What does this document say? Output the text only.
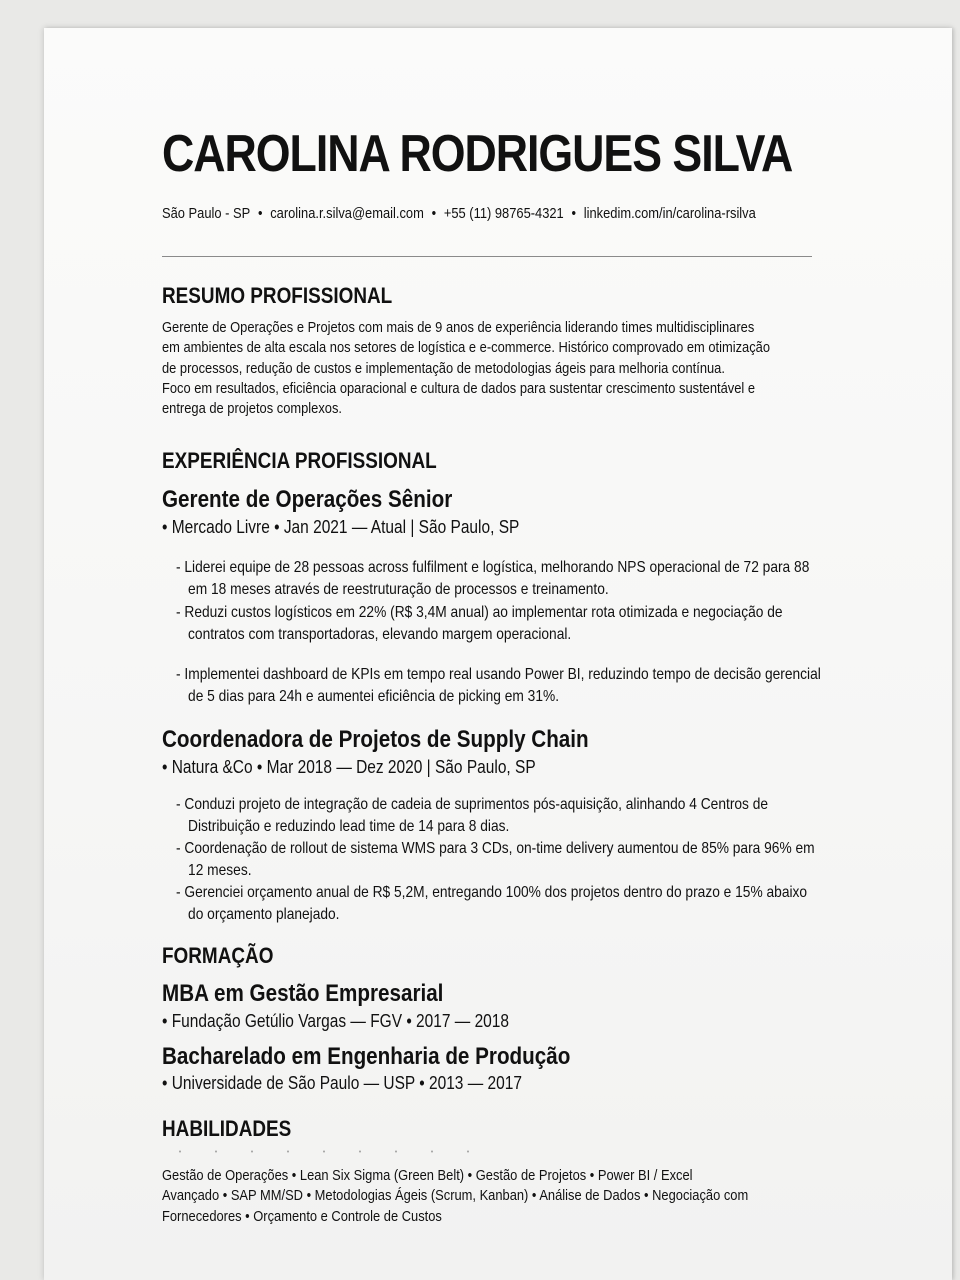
CAROLINA RODRIGUES SILVA
São Paulo - SP • carolina.r.silva@email.com • +55 (11) 98765-4321 • linkedim.com/in/carolina-rsilva
RESUMO PROFISSIONAL
Gerente de Operações e Projetos com mais de 9 anos de experiência liderando times multidisciplinares
em ambientes de alta escala nos setores de logística e e-commerce. Histórico comprovado em otimização
de processos, redução de custos e implementação de metodologias ágeis para melhoria contínua.
Foco em resultados, eficiência oparacional e cultura de dados para sustentar crescimento sustentável e
entrega de projetos complexos.
EXPERIÊNCIA PROFISSIONAL
Gerente de Operações Sênior
• Mercado Livre • Jan 2021 — Atual | São Paulo, SP
- Liderei equipe de 28 pessoas across fulfilment e logística, melhorando NPS operacional de 72 para 88 em 18 meses através de reestruturação de processos e treinamento.
- Reduzi custos logísticos em 22% (R$ 3,4M anual) ao implementar rota otimizada e negociação de contratos com transportadoras, elevando margem operacional.
- Implementei dashboard de KPIs em tempo real usando Power BI, reduzindo tempo de decisão gerencial de 5 dias para 24h e aumentei eficiência de picking em 31%.
Coordenadora de Projetos de Supply Chain
• Natura &Co • Mar 2018 — Dez 2020 | São Paulo, SP
- Conduzi projeto de integração de cadeia de suprimentos pós-aquisição, alinhando 4 Centros de Distribuição e reduzindo lead time de 14 para 8 dias.
- Coordenação de rollout de sistema WMS para 3 CDs, on-time delivery aumentou de 85% para 96% em 12 meses.
- Gerenciei orçamento anual de R$ 5,2M, entregando 100% dos projetos dentro do prazo e 15% abaixo do orçamento planejado.
FORMAÇÃO
MBA em Gestão Empresarial
• Fundação Getúlio Vargas — FGV • 2017 — 2018
Bacharelado em Engenharia de Produção
• Universidade de São Paulo — USP • 2013 — 2017
HABILIDADES
Gestão de Operações • Lean Six Sigma (Green Belt) • Gestão de Projetos • Power BI / Excel
Avançado • SAP MM/SD • Metodologias Ágeis (Scrum, Kanban) • Análise de Dados • Negociação com
Fornecedores • Orçamento e Controle de Custos
